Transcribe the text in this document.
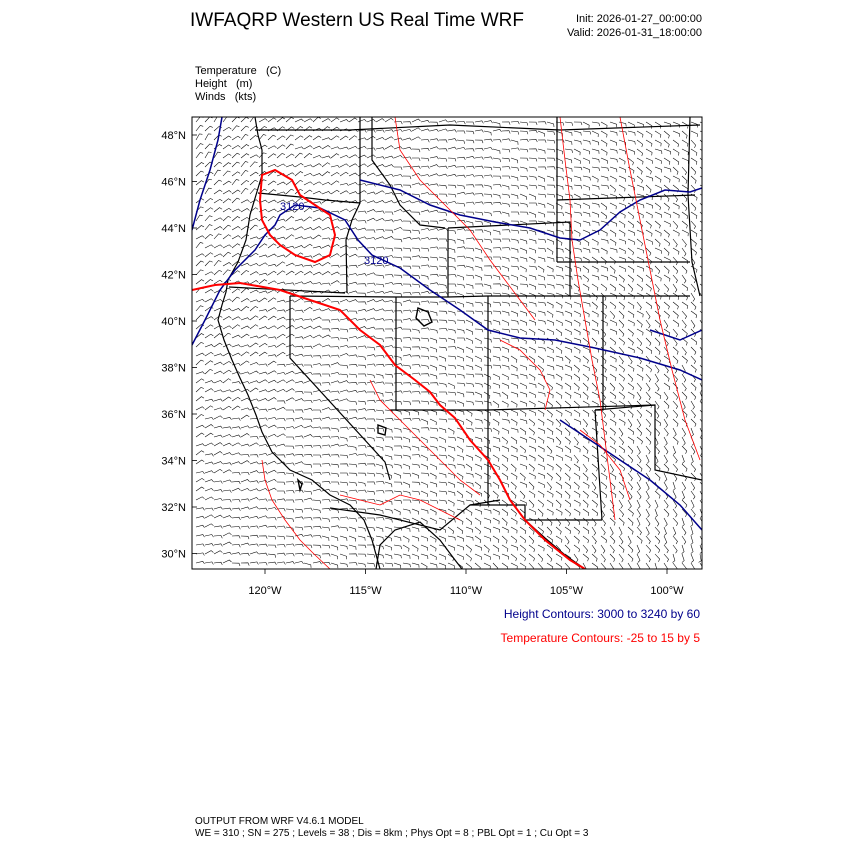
IWFAQRP Western US Real Time WRF	Init: 2026-01-27_00:00:00
Valid: 2026-01-31_18:00:00
Temperature (C)
Height (m)
Winds (kts)
48°N
46°N
44°N
42°N
40°N
38°N
36°N
34°N
32°N
30°N
120°W	115°W	110°W	105°W	100°W
3120
3120
Height Contours: 3000 to 3240 by 60
Temperature Contours: -25 to 15 by 5
OUTPUT FROM WRF V4.6.1 MODEL
WE = 310 ; SN = 275 ; Levels = 38 ; Dis = 8km ; Phys Opt = 8 ; PBL Opt = 1 ; Cu Opt = 3
